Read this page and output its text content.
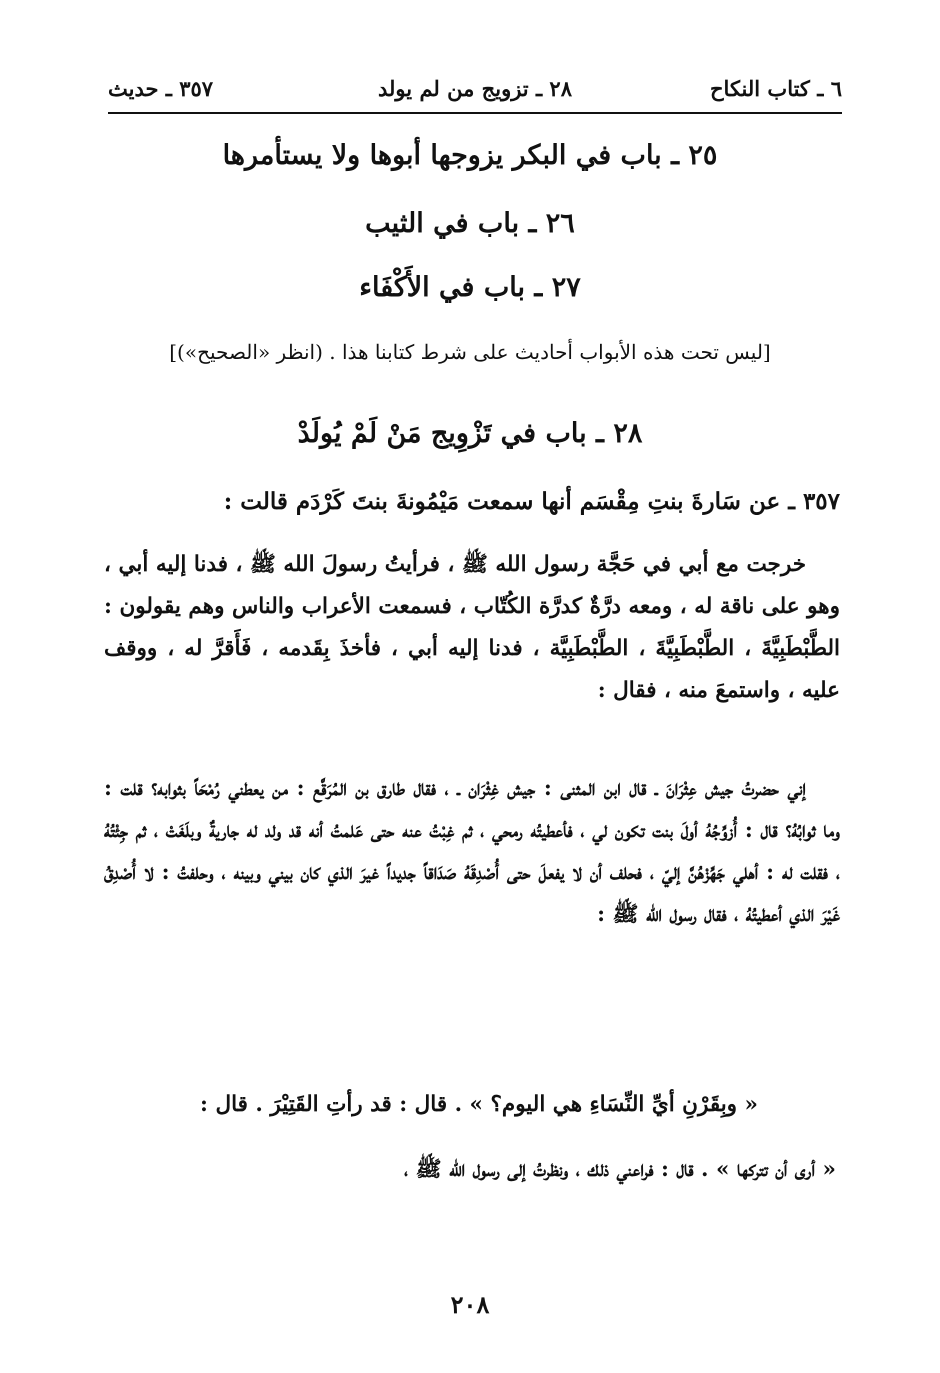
٦ ـ كتاب النكاح
٢٨ ـ تزويج من لم يولد
٣٥٧ ـ حديث
٢٥ ـ باب في البكر يزوجها أبوها ولا يستأمرها
٢٦ ـ باب في الثيب
٢٧ ـ باب في الأَكْفَاء
[ليس تحت هذه الأبواب أحاديث على شرط كتابنا هذا . (انظر «الصحيح»)]
٢٨ ـ باب في تَزْوِيج مَنْ لَمْ يُولَدْ
٣٥٧ ـ عن سَارةَ بنتِ مِقْسَم أنها سمعت مَيْمُونةَ بنتَ كَرْدَم قالت :
خرجت مع أبي في حَجَّة رسول الله ﷺ ، فرأيتُ رسولَ الله ﷺ ، فدنا إليه أبي ، وهو على ناقة له ، ومعه درَّةٌ كدرَّة الكُتّاب ، فسمعت الأعراب والناس وهم يقولون : الطَّبْطَبِيَّةَ ، الطَّبْطَبِيَّةَ ، الطَّبْطَبِيَّة ، فدنا إليه أبي ، فأخذَ بِقَدمه ، فَأَقرَّ له ، ووقف عليه ، واستمعَ منه ، فقال :
إني حضرتُ جيش عِثْرَانَ ـ قال ابن المثنى : جيش غِثْرَان ـ ، فقال طارق بن المُرَقَّع : من يعطني رُمْحَاً بثوابه؟ قلت : وما ثوابُهُ؟ قال : أُزوِّجُهُ أولَ بنت تكون لي ، فأعطيتُه رمحي ، ثم غِبْتُ عنه حتى عَلمتُ أنه قد ولد له جاريةٌ وبلَغَتْ ، ثم جِئْتُهُ ، فقلت له : أهلي جَهِّزْهُنَّ إليّ ، فحلف أن لا يفعلَ حتى أُصْدِقَهُ صَدَاقاً جديداً غيرَ الذي كان بيني وبينه ، وحلفتُ : لا أُصْدِقُ غَيْرَ الذي أعطيتُهُ ، فقال رسول الله ﷺ :
« وبِقَرْنِ أيِّ النِّسَاءِ هي اليوم؟ » . قال : قد رأتِ القَتِيْرَ . قال :
« أرى أن تتركها » . قال : فراعني ذلك ، ونظرتُ إلى رسول الله ﷺ ،
٢٠٨
